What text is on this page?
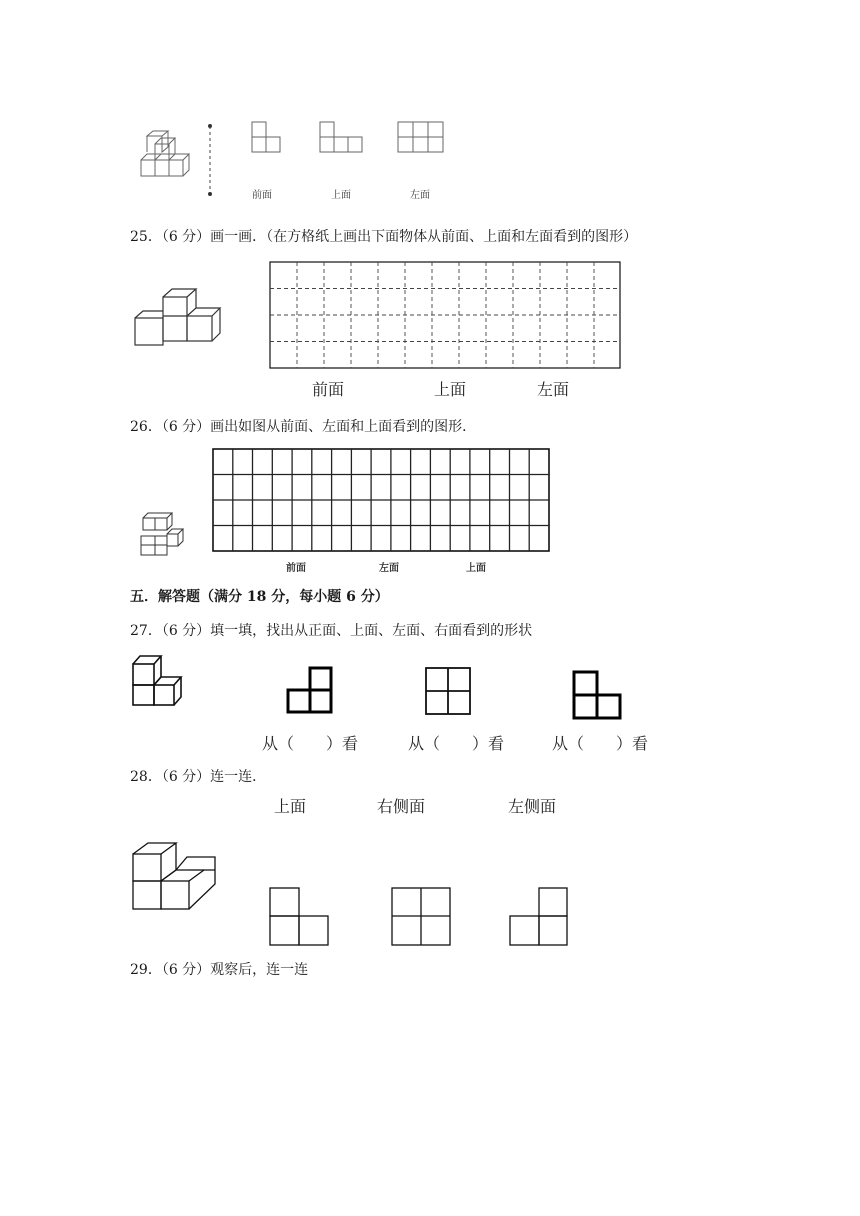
前面	上面	左面
25．（6 分）画一画．（在方格纸上画出下面物体从前面、上面和左面看到的图形）
前面	上面	左面
26．（6 分）画出如图从前面、左面和上面看到的图形．
前面	左面	上面
五．解答题（满分 18 分，每小题 6 分）
27．（6 分）填一填，找出从正面、上面、左面、右面看到的形状
从（　　）看	从（　　）看	从（　　）看
28．（6 分）连一连．
上面	右侧面	左侧面
29．（6 分）观察后，连一连
